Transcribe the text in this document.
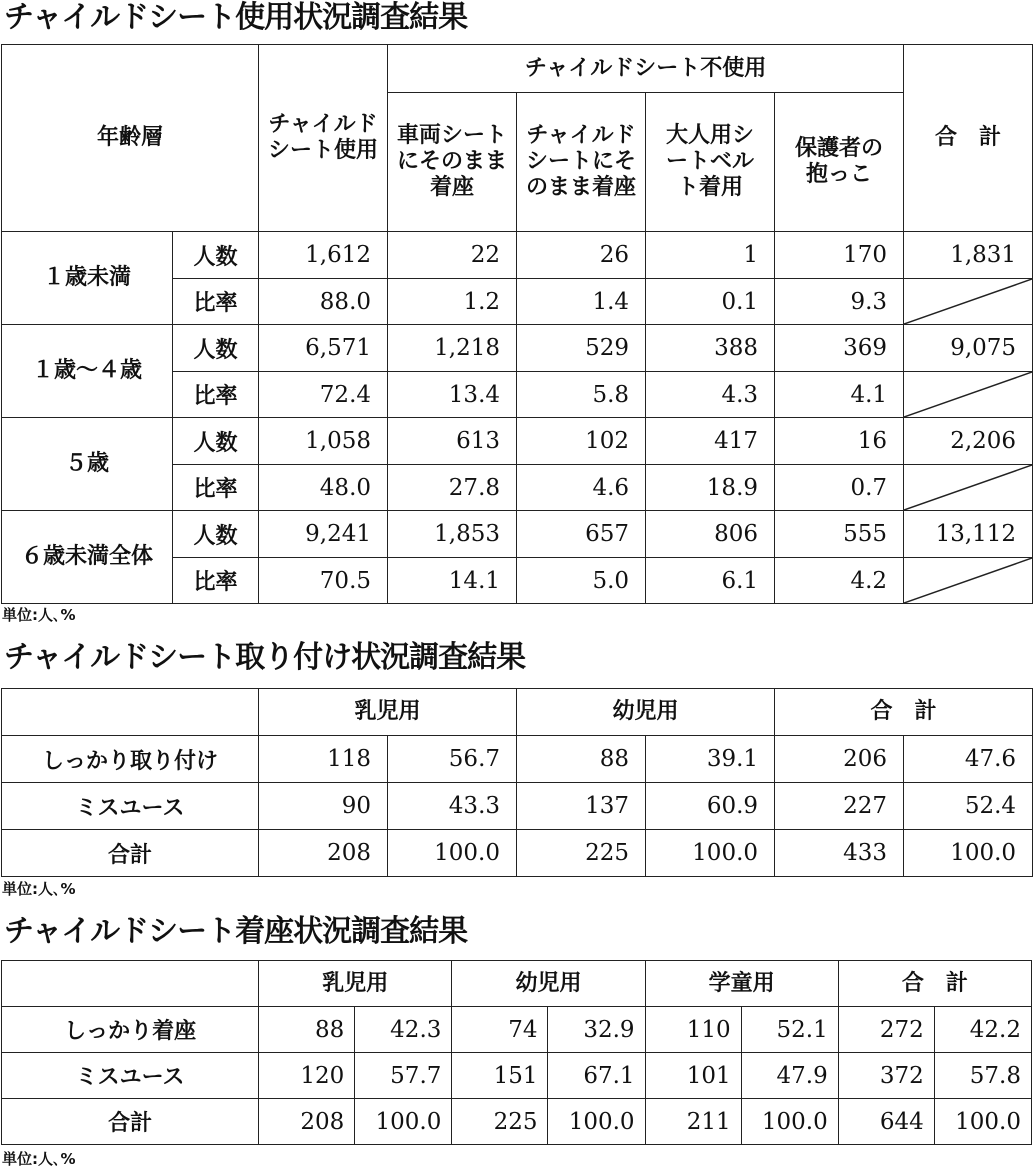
チャイルドシート使用状況調査結果
年齢層		チャイルドシート使用	チャイルドシート不使用				合　計
			車両シートにそのまま着座	チャイルドシートにそのまま着座	大人用シートベルト着用	保護者の抱っこ	
１歳未満	人数	1,612	22	26	1	170	1,831
	比率	88.0	1.2	1.4	0.1	9.3	

１歳～４歳	人数	6,571	1,218	529	388	369	9,075
	比率	72.4	13.4	5.8	4.3	4.1	

５歳	人数	1,058	613	102	417	16	2,206
	比率	48.0	27.8	4.6	18.9	0.7	

６歳未満全体	人数	9,241	1,853	657	806	555	13,112
	比率	70.5	14.1	5.0	6.1	4.2	
単位:人､%
チャイルドシート取り付け状況調査結果
	乳児用		幼児用		合　計	
しっかり取り付け	118	56.7	88	39.1	206	47.6
ミスユース	90	43.3	137	60.9	227	52.4
合計	208	100.0	225	100.0	433	100.0
単位:人､%
チャイルドシート着座状況調査結果
	乳児用		幼児用		学童用		合　計	
しっかり着座	88	42.3	74	32.9	110	52.1	272	42.2
ミスユース	120	57.7	151	67.1	101	47.9	372	57.8
合計	208	100.0	225	100.0	211	100.0	644	100.0
単位:人､%
